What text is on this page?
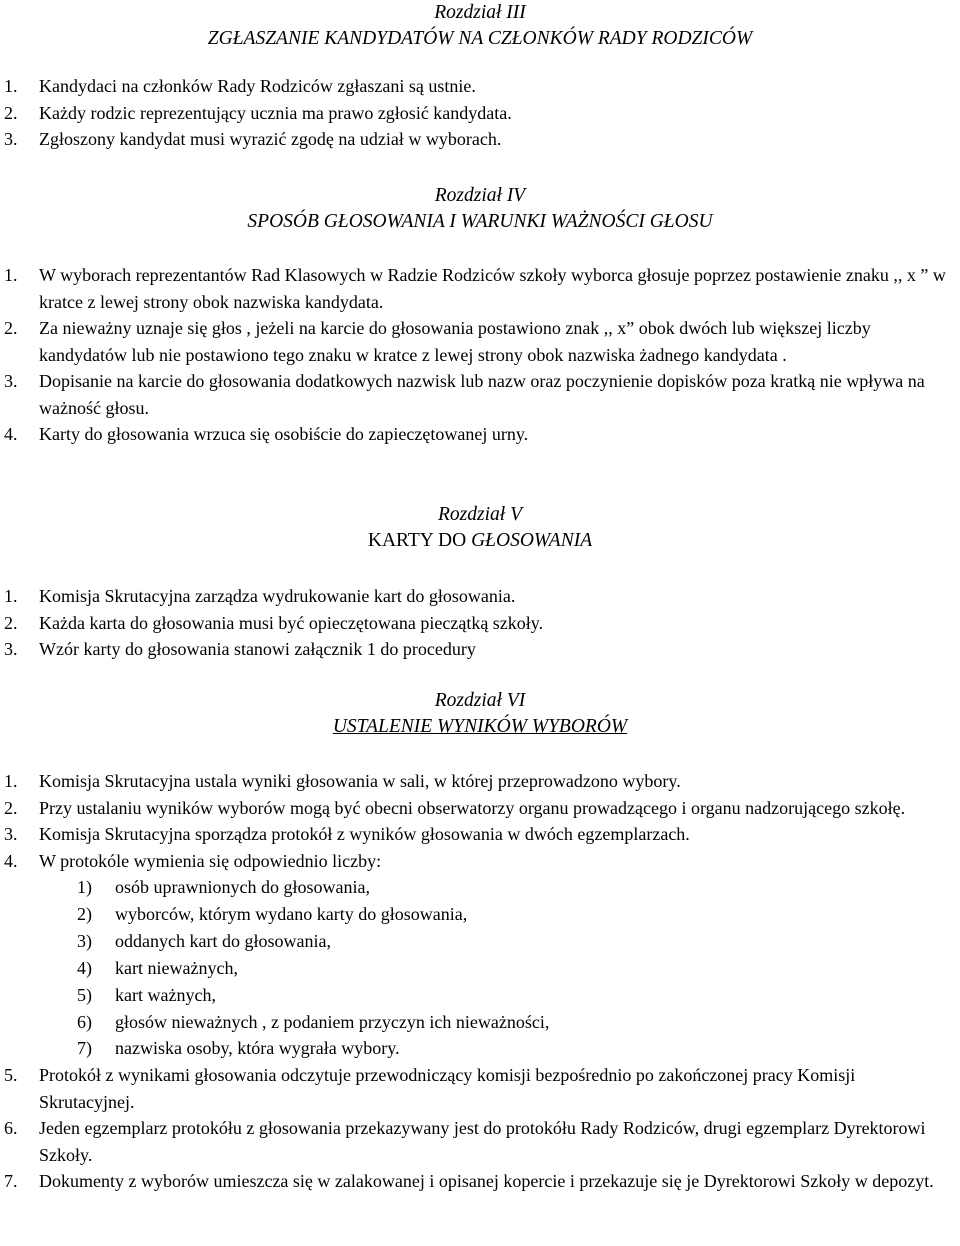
Rozdział III
ZGŁASZANIE KANDYDATÓW NA CZŁONKÓW RADY RODZICÓW
1. Kandydaci na członków Rady Rodziców zgłaszani są ustnie.
2. Każdy rodzic reprezentujący ucznia ma prawo zgłosić kandydata.
3. Zgłoszony kandydat musi wyrazić zgodę na udział w wyborach.
Rozdział IV
SPOSÓB GŁOSOWANIA I WARUNKI WAŻNOŚCI GŁOSU
1. W wyborach reprezentantów Rad Klasowych w Radzie Rodziców szkoły wyborca głosuje poprzez postawienie znaku ,, x ” w kratce z lewej strony obok nazwiska kandydata.
2. Za nieważny uznaje się głos , jeżeli na karcie do głosowania postawiono znak ,, x” obok dwóch lub większej liczby kandydatów lub nie postawiono tego znaku w kratce z lewej strony obok nazwiska żadnego kandydata .
3. Dopisanie na karcie do głosowania dodatkowych nazwisk lub nazw oraz poczynienie dopisków poza kratką nie wpływa na ważność głosu.
4. Karty do głosowania wrzuca się osobiście do zapieczętowanej urny.
Rozdział V
KARTY DO GŁOSOWANIA
1. Komisja Skrutacyjna zarządza wydrukowanie kart do głosowania.
2. Każda karta do głosowania musi być opieczętowana pieczątką szkoły.
3. Wzór karty do głosowania stanowi załącznik 1 do procedury
Rozdział VI
USTALENIE WYNIKÓW WYBORÓW
1. Komisja Skrutacyjna ustala wyniki głosowania w sali, w której przeprowadzono wybory.
2. Przy ustalaniu wyników wyborów mogą być obecni obserwatorzy organu prowadzącego i organu nadzorującego szkołę.
3. Komisja Skrutacyjna sporządza protokół z wyników głosowania w dwóch egzemplarzach.
4. W protokóle wymienia się odpowiednio liczby:
1) osób uprawnionych do głosowania,
2) wyborców, którym wydano karty do głosowania,
3) oddanych kart do głosowania,
4) kart nieważnych,
5) kart ważnych,
6) głosów nieważnych , z podaniem przyczyn ich nieważności,
7) nazwiska osoby, która wygrała wybory.
5. Protokół z wynikami głosowania odczytuje przewodniczący komisji bezpośrednio po zakończonej pracy Komisji Skrutacyjnej.
6. Jeden egzemplarz protokółu z głosowania przekazywany jest do protokółu Rady Rodziców, drugi egzemplarz Dyrektorowi Szkoły.
7. Dokumenty z wyborów umieszcza się w zalakowanej i opisanej kopercie i przekazuje się je Dyrektorowi Szkoły w depozyt.
